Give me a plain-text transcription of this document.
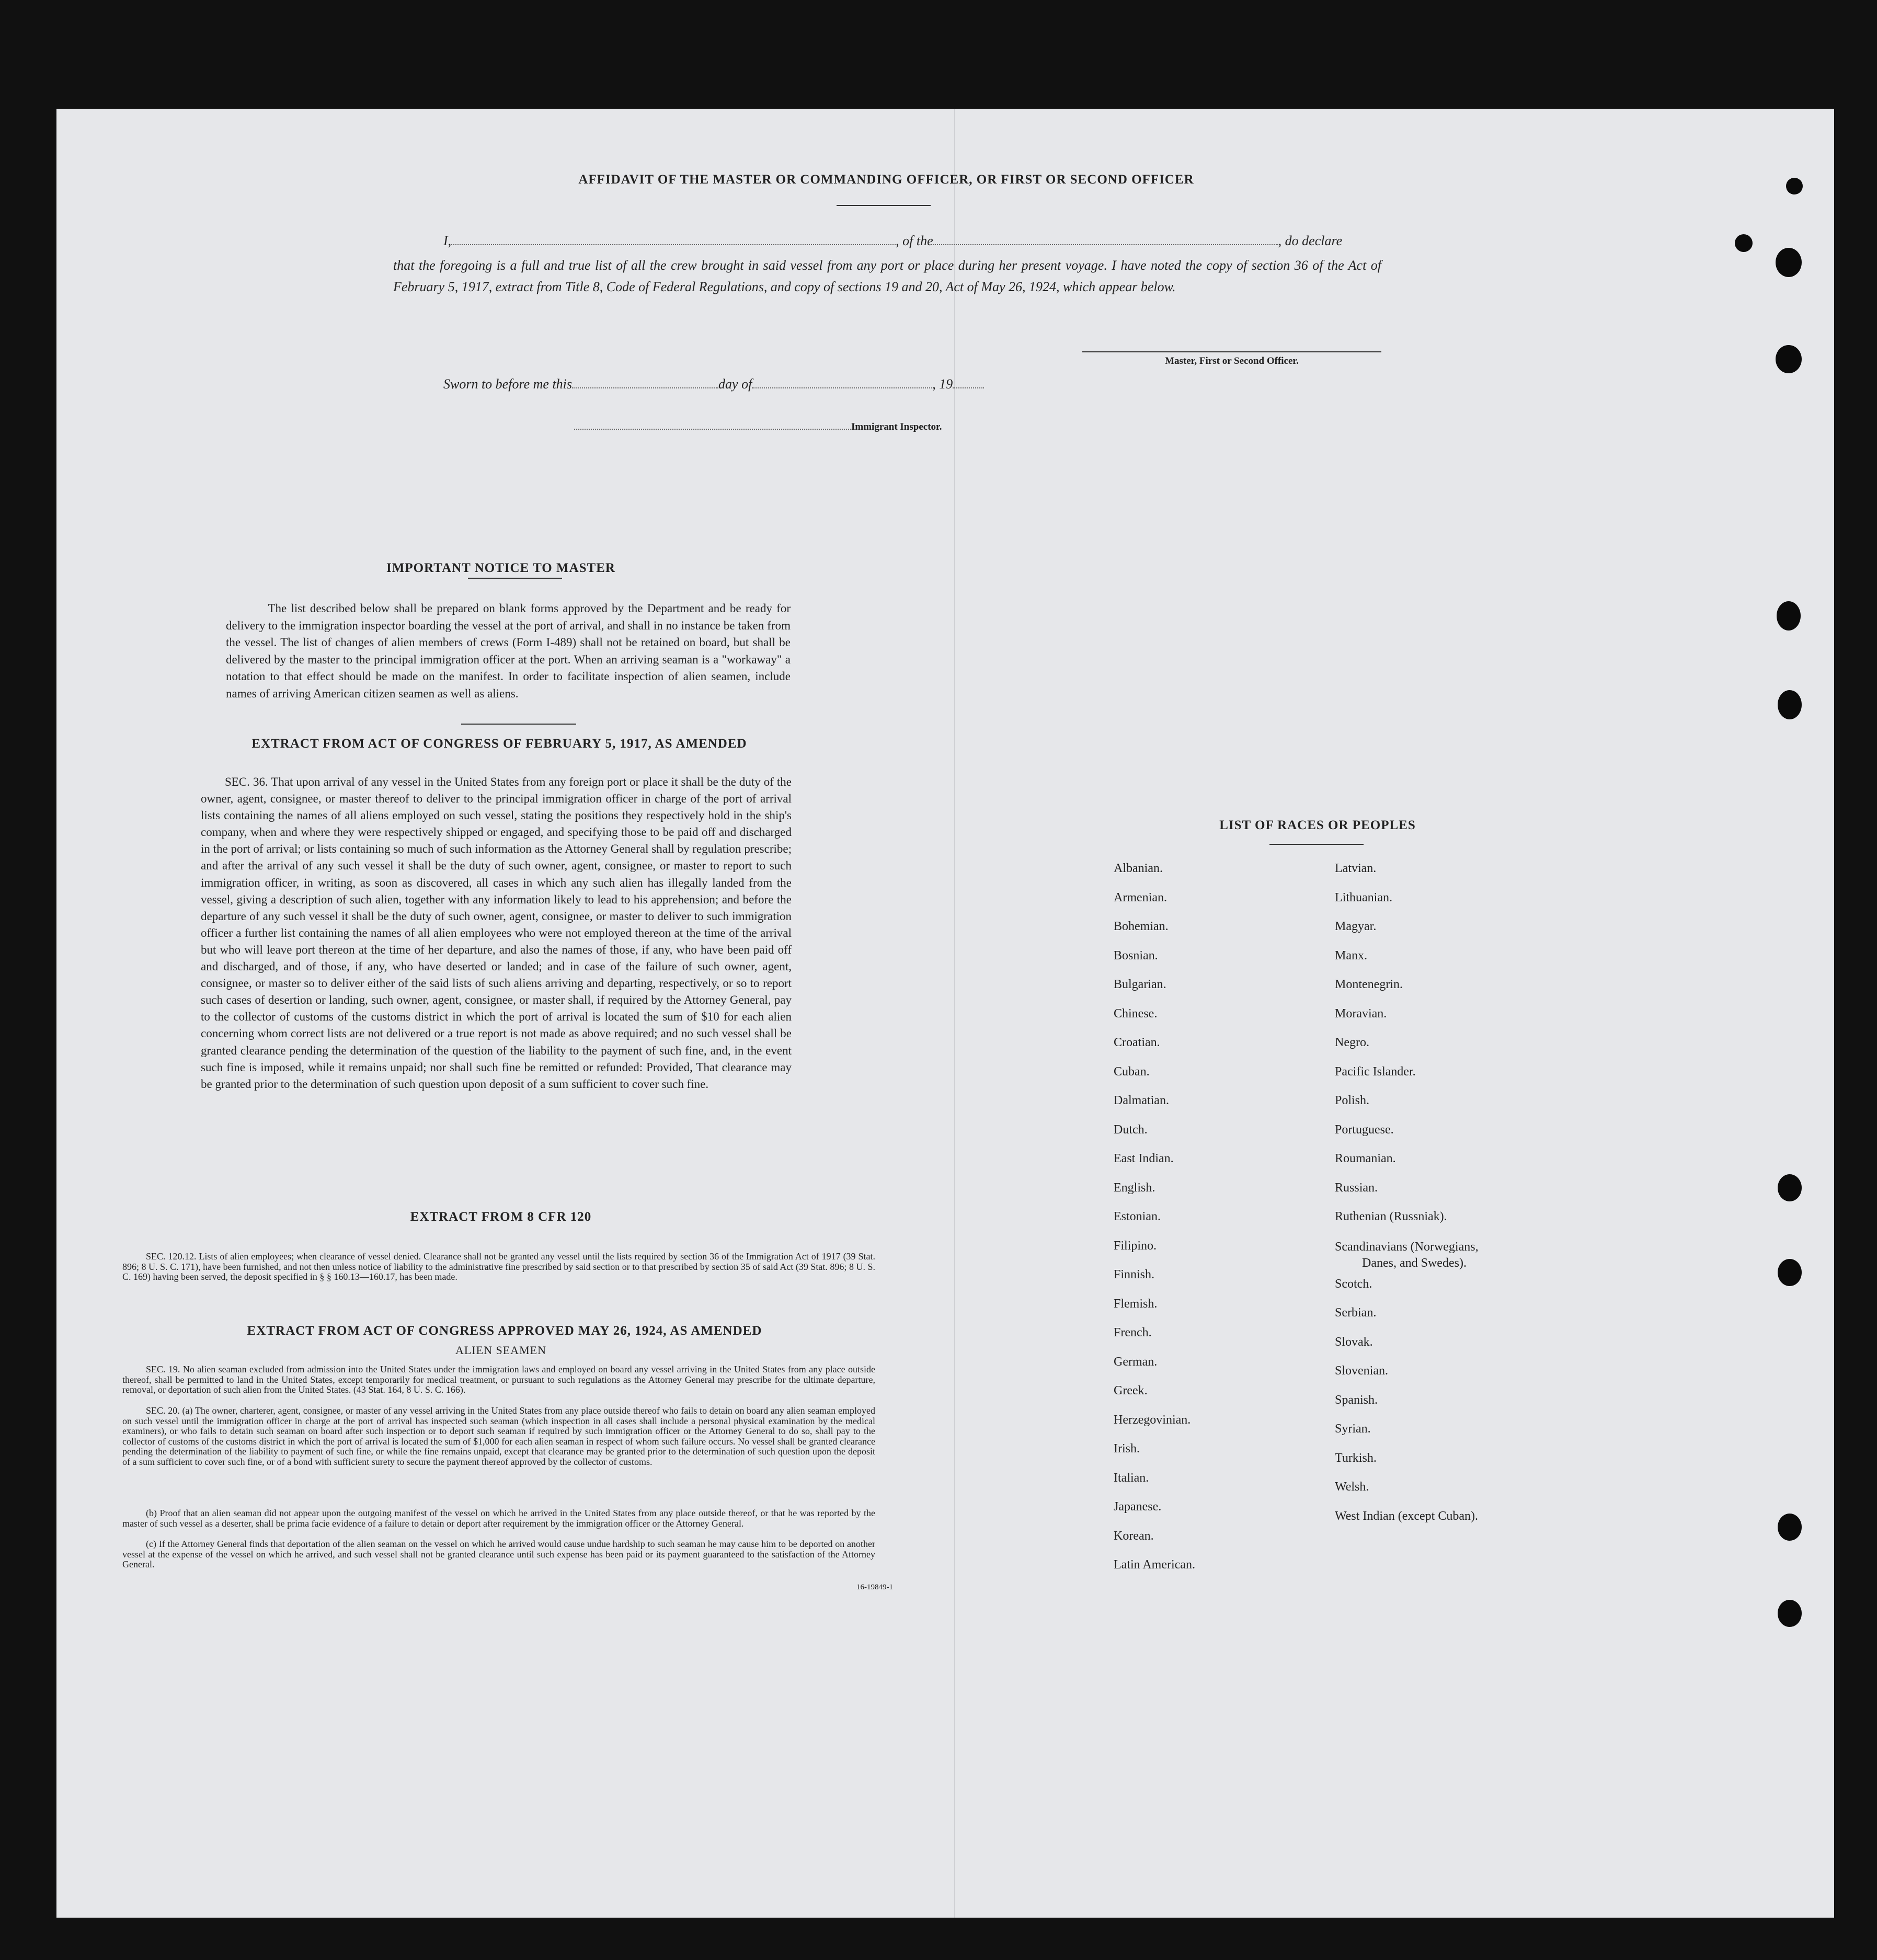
AFFIDAVIT OF THE MASTER OR COMMANDING OFFICER, OR FIRST OR SECOND OFFICER
I,	, of the	, do declare
that the foregoing is a full and true list of all the crew brought in said vessel from any port or place during her present voyage. I have noted the copy of section 36 of the Act of February 5, 1917, extract from Title 8, Code of Federal Regulations, and copy of sections 19 and 20, Act of May 26, 1924, which appear below.
Master, First or Second Officer.
Sworn to before me this	day of	, 19
Immigrant Inspector.
IMPORTANT NOTICE TO MASTER
The list described below shall be prepared on blank forms approved by the Department and be ready for delivery to the immigration inspector boarding the vessel at the port of arrival, and shall in no instance be taken from the vessel. The list of changes of alien members of crews (Form I-489) shall not be retained on board, but shall be delivered by the master to the principal immigration officer at the port. When an arriving seaman is a "workaway" a notation to that effect should be made on the manifest. In order to facilitate inspection of alien seamen, include names of arriving American citizen seamen as well as aliens.
EXTRACT FROM ACT OF CONGRESS OF FEBRUARY 5, 1917, AS AMENDED
SEC. 36. That upon arrival of any vessel in the United States from any foreign port or place it shall be the duty of the owner, agent, consignee, or master thereof to deliver to the principal immigration officer in charge of the port of arrival lists containing the names of all aliens employed on such vessel, stating the positions they respectively hold in the ship's company, when and where they were respectively shipped or engaged, and specifying those to be paid off and discharged in the port of arrival; or lists containing so much of such information as the Attorney General shall by regulation prescribe; and after the arrival of any such vessel it shall be the duty of such owner, agent, consignee, or master to report to such immigration officer, in writing, as soon as discovered, all cases in which any such alien has illegally landed from the vessel, giving a description of such alien, together with any information likely to lead to his apprehension; and before the departure of any such vessel it shall be the duty of such owner, agent, consignee, or master to deliver to such immigration officer a further list containing the names of all alien employees who were not employed thereon at the time of the arrival but who will leave port thereon at the time of her departure, and also the names of those, if any, who have been paid off and discharged, and of those, if any, who have deserted or landed; and in case of the failure of such owner, agent, consignee, or master so to deliver either of the said lists of such aliens arriving and departing, respectively, or so to report such cases of desertion or landing, such owner, agent, consignee, or master shall, if required by the Attorney General, pay to the collector of customs of the customs district in which the port of arrival is located the sum of $10 for each alien concerning whom correct lists are not delivered or a true report is not made as above required; and no such vessel shall be granted clearance pending the determination of the question of the liability to the payment of such fine, and, in the event such fine is imposed, while it remains unpaid; nor shall such fine be remitted or refunded: Provided, That clearance may be granted prior to the determination of such question upon deposit of a sum sufficient to cover such fine.
EXTRACT FROM 8 CFR 120
SEC. 120.12. Lists of alien employees; when clearance of vessel denied. Clearance shall not be granted any vessel until the lists required by section 36 of the Immigration Act of 1917 (39 Stat. 896; 8 U. S. C. 171), have been furnished, and not then unless notice of liability to the administrative fine prescribed by said section or to that prescribed by section 35 of said Act (39 Stat. 896; 8 U. S. C. 169) having been served, the deposit specified in § § 160.13—160.17, has been made.
EXTRACT FROM ACT OF CONGRESS APPROVED MAY 26, 1924, AS AMENDED
ALIEN SEAMEN
SEC. 19. No alien seaman excluded from admission into the United States under the immigration laws and employed on board any vessel arriving in the United States from any place outside thereof, shall be permitted to land in the United States, except temporarily for medical treatment, or pursuant to such regulations as the Attorney General may prescribe for the ultimate departure, removal, or deportation of such alien from the United States. (43 Stat. 164, 8 U. S. C. 166).
SEC. 20. (a) The owner, charterer, agent, consignee, or master of any vessel arriving in the United States from any place outside thereof who fails to detain on board any alien seaman employed on such vessel until the immigration officer in charge at the port of arrival has inspected such seaman (which inspection in all cases shall include a personal physical examination by the medical examiners), or who fails to detain such seaman on board after such inspection or to deport such seaman if required by such immigration officer or the Attorney General to do so, shall pay to the collector of customs of the customs district in which the port of arrival is located the sum of $1,000 for each alien seaman in respect of whom such failure occurs. No vessel shall be granted clearance pending the determination of the liability to payment of such fine, or while the fine remains unpaid, except that clearance may be granted prior to the determination of such question upon the deposit of a sum sufficient to cover such fine, or of a bond with sufficient surety to secure the payment thereof approved by the collector of customs.
(b) Proof that an alien seaman did not appear upon the outgoing manifest of the vessel on which he arrived in the United States from any place outside thereof, or that he was reported by the master of such vessel as a deserter, shall be prima facie evidence of a failure to detain or deport after requirement by the immigration officer or the Attorney General.
(c) If the Attorney General finds that deportation of the alien seaman on the vessel on which he arrived would cause undue hardship to such seaman he may cause him to be deported on another vessel at the expense of the vessel on which he arrived, and such vessel shall not be granted clearance until such expense has been paid or its payment guaranteed to the satisfaction of the Attorney General.
16-19849-1
LIST OF RACES OR PEOPLES
Albanian.
Armenian.
Bohemian.
Bosnian.
Bulgarian.
Chinese.
Croatian.
Cuban.
Dalmatian.
Dutch.
East Indian.
English.
Estonian.
Filipino.
Finnish.
Flemish.
French.
German.
Greek.
Herzegovinian.
Irish.
Italian.
Japanese.
Korean.
Latin American.
Latvian.
Lithuanian.
Magyar.
Manx.
Montenegrin.
Moravian.
Negro.
Pacific Islander.
Polish.
Portuguese.
Roumanian.
Russian.
Ruthenian (Russniak).
Scandinavians (Norwegians,
Danes, and Swedes).
Scotch.
Serbian.
Slovak.
Slovenian.
Spanish.
Syrian.
Turkish.
Welsh.
West Indian (except Cuban).
